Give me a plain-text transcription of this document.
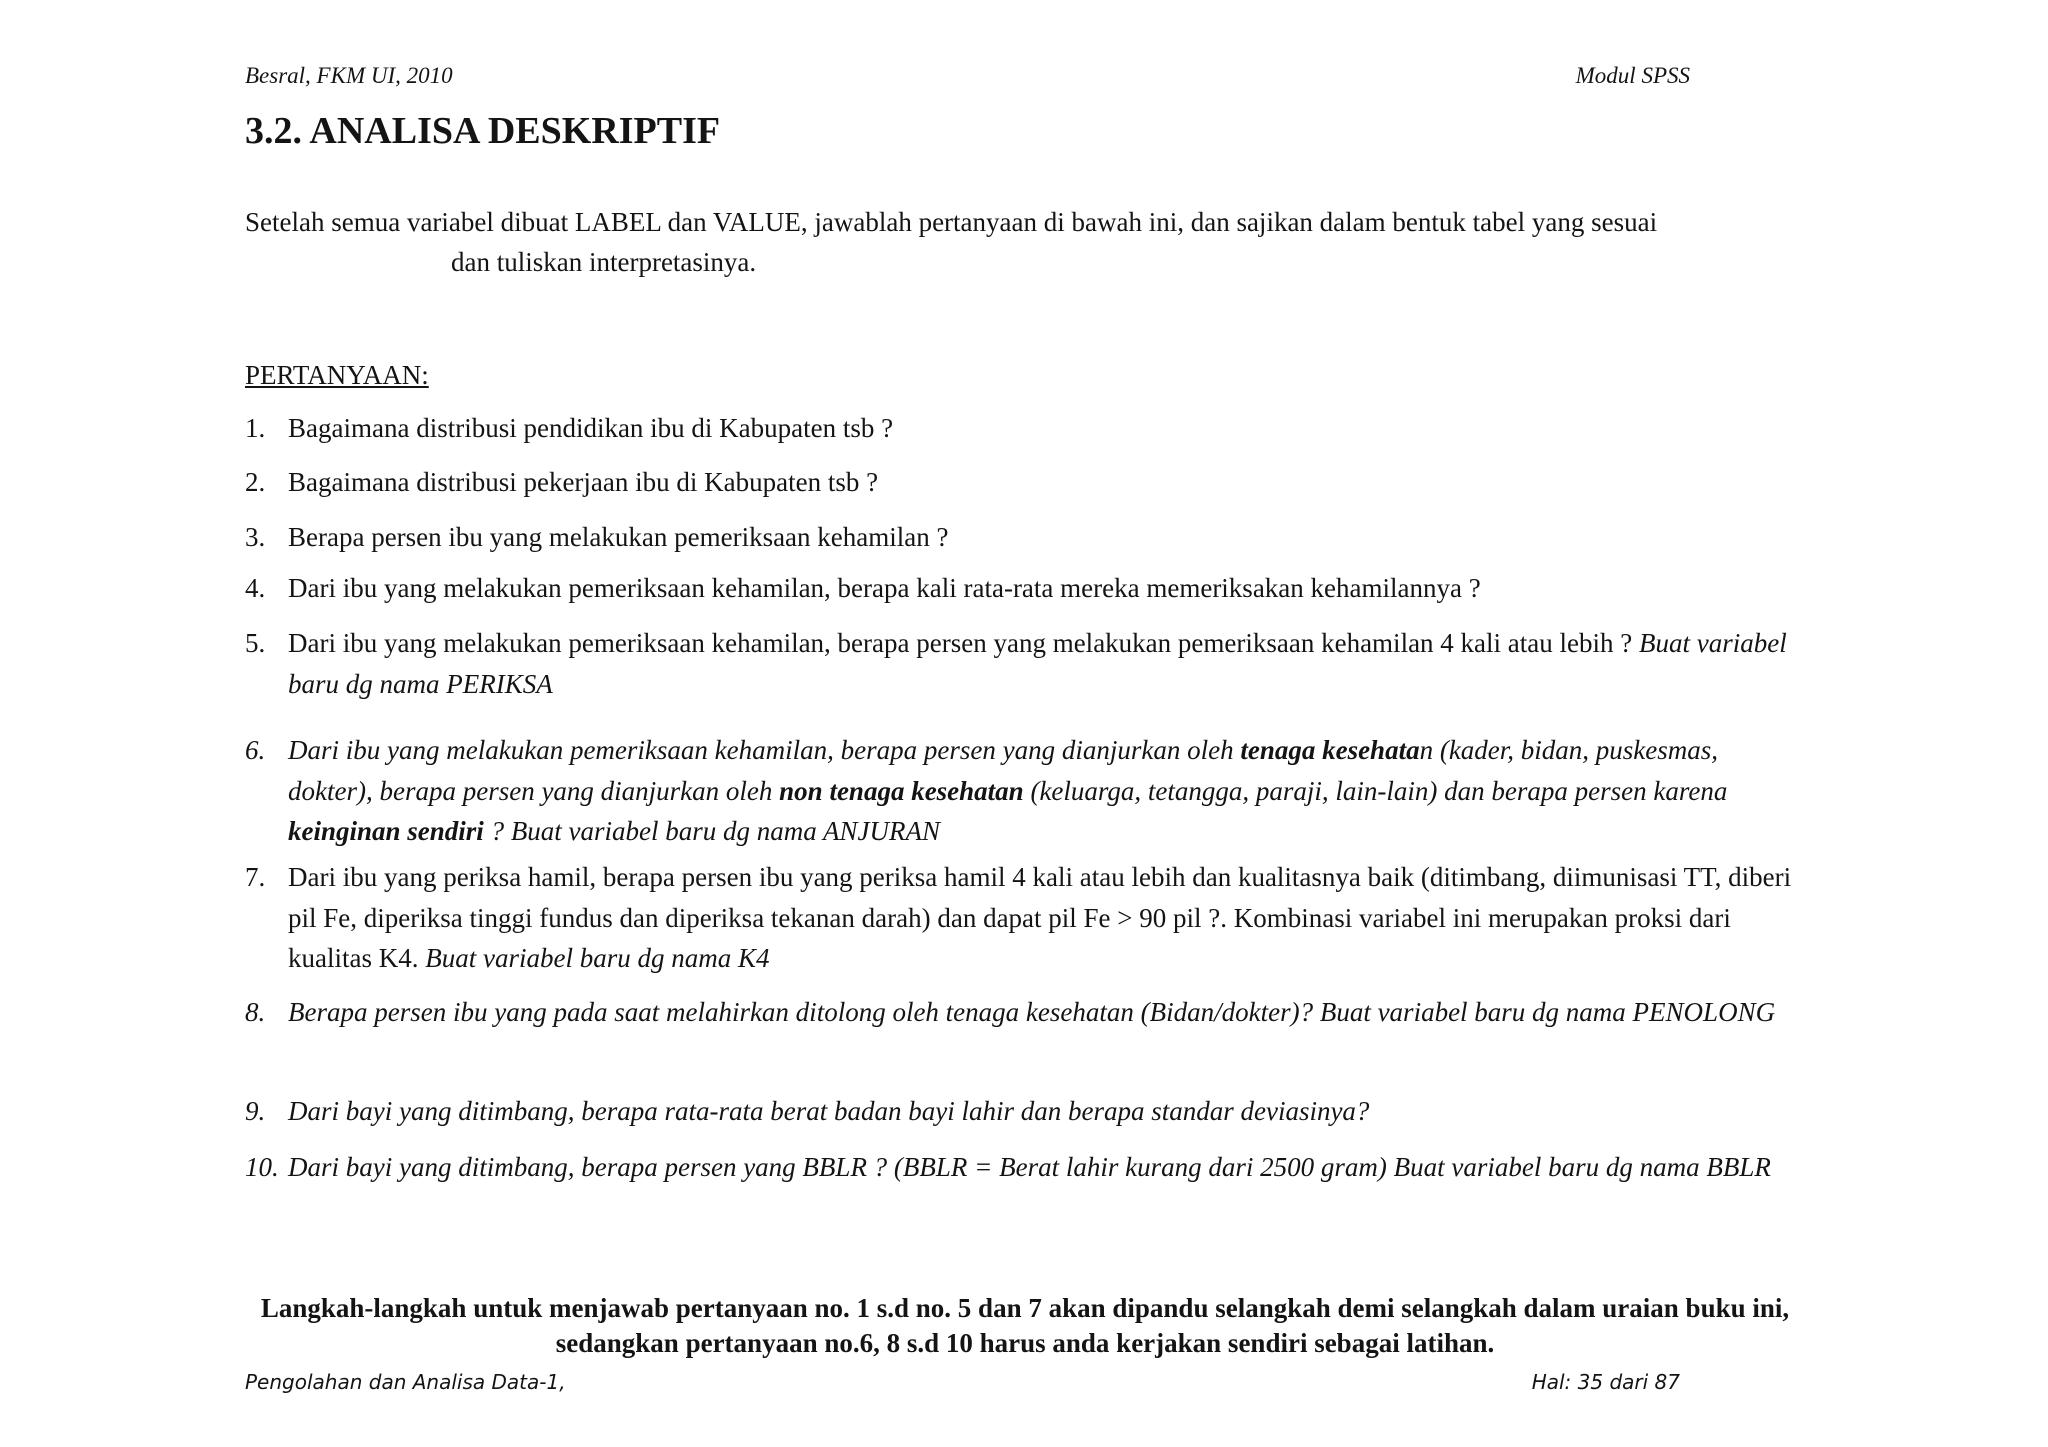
Besral, FKM UI, 2010	Modul SPSS
3.2. ANALISA DESKRIPTIF
Setelah semua variabel dibuat LABEL dan VALUE, jawablah pertanyaan di bawah ini, dan sajikan dalam bentuk tabel yang sesuai
dan tuliskan interpretasinya.
PERTANYAAN:
1. Bagaimana distribusi pendidikan ibu di Kabupaten tsb ?
2. Bagaimana distribusi pekerjaan ibu di Kabupaten tsb ?
3. Berapa persen ibu yang melakukan pemeriksaan kehamilan ?
4. Dari ibu yang melakukan pemeriksaan kehamilan, berapa kali rata-rata mereka memeriksakan kehamilannya ?
5. Dari ibu yang melakukan pemeriksaan kehamilan, berapa persen yang melakukan pemeriksaan kehamilan 4 kali atau lebih ? Buat variabel baru dg nama PERIKSA
6. Dari ibu yang melakukan pemeriksaan kehamilan, berapa persen yang dianjurkan oleh tenaga kesehatan (kader, bidan, puskesmas, dokter), berapa persen yang dianjurkan oleh non tenaga kesehatan (keluarga, tetangga, paraji, lain-lain) dan berapa persen karena keinginan sendiri ? Buat variabel baru dg nama ANJURAN
7. Dari ibu yang periksa hamil, berapa persen ibu yang periksa hamil 4 kali atau lebih dan kualitasnya baik (ditimbang, diimunisasi TT, diberi pil Fe, diperiksa tinggi fundus dan diperiksa tekanan darah) dan dapat pil Fe > 90 pil ?. Kombinasi variabel ini merupakan proksi dari kualitas K4. Buat variabel baru dg nama K4
8. Berapa persen ibu yang pada saat melahirkan ditolong oleh tenaga kesehatan (Bidan/dokter)? Buat variabel baru dg nama PENOLONG
9. Dari bayi yang ditimbang, berapa rata-rata berat badan bayi lahir dan berapa standar deviasinya?
10. Dari bayi yang ditimbang, berapa persen yang BBLR ? (BBLR = Berat lahir kurang dari 2500 gram) Buat variabel baru dg nama BBLR
Langkah-langkah untuk menjawab pertanyaan no. 1 s.d no. 5 dan 7 akan dipandu selangkah demi selangkah dalam uraian buku ini, sedangkan pertanyaan no.6, 8 s.d 10 harus anda kerjakan sendiri sebagai latihan.
Pengolahan dan Analisa Data-1,	Hal: 35 dari 87
